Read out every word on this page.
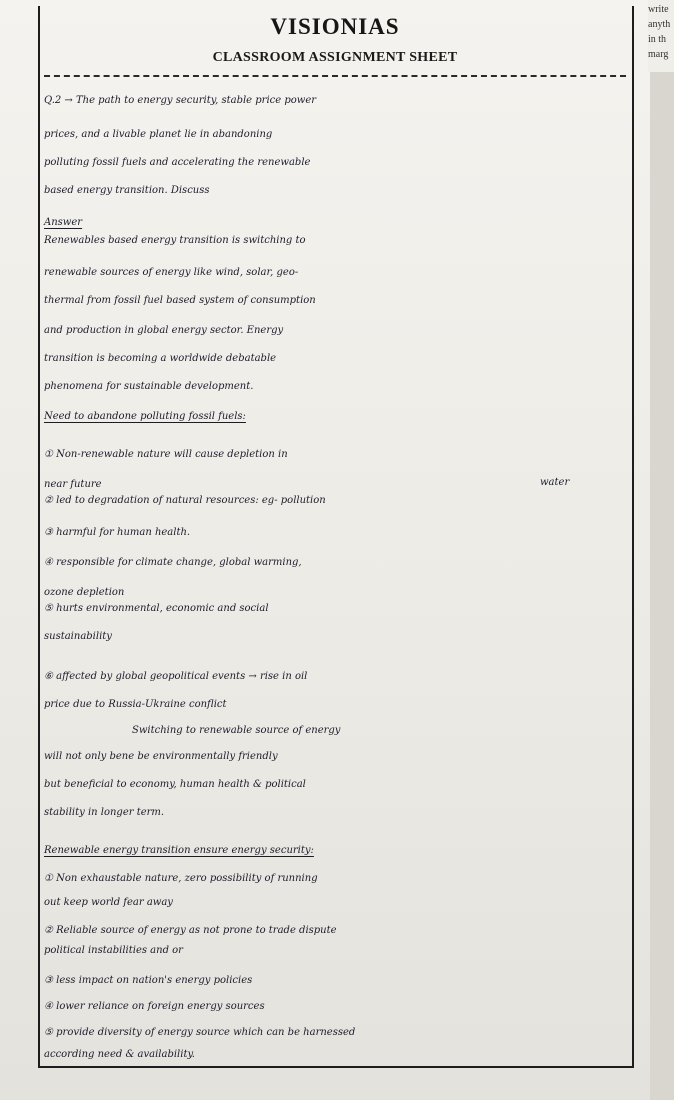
write
anyth
in th
marg
VISIONIAS
CLASSROOM ASSIGNMENT SHEET

Q.2 → The path to energy security, stable price power

prices, and a livable planet lie in abandoning

polluting fossil fuels and accelerating the renewable

based energy transition. Discuss

Answer

Renewables based energy transition is switching to

renewable sources of energy like wind, solar, geo-

thermal from fossil fuel based system of consumption

and production in global energy sector. Energy

transition is becoming a worldwide debatable

phenomena for sustainable development.

Need to abandone polluting fossil fuels:

① Non-renewable nature will cause depletion in

near future	water

② led to degradation of natural resources: eg- pollution

③ harmful for human health.

④ responsible for climate change, global warming,

ozone depletion

⑤ hurts environmental, economic and social

sustainability

⑥ affected by global geopolitical events → rise in oil

price due to Russia-Ukraine conflict

Switching to renewable source of energy

will not only bene be environmentally friendly

but beneficial to economy, human health & political

stability in longer term.

Renewable energy transition ensure energy security:

① Non exhaustable nature, zero possibility of running

out keep world fear away

② Reliable source of energy as not prone to trade dispute

political instabilities and or

③ less impact on nation's energy policies

④ lower reliance on foreign energy sources

⑤ provide diversity of energy source which can be harnessed

according need & availability.
